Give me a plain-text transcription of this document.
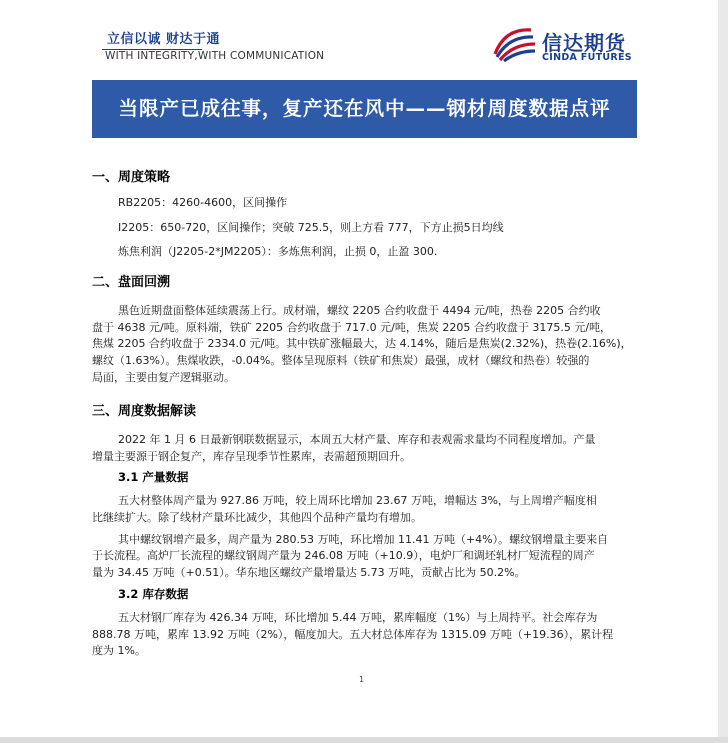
立信以诚 财达于通
WITH INTEGRITY,WITH COMMUNICATION
信达期货
CINDA FUTURES
当限产已成往事，复产还在风中——钢材周度数据点评
一、周度策略
RB2205：4260-4600，区间操作
I2205：650-720，区间操作；突破 725.5，则上方看 777，下方止损5日均线
炼焦利润（J2205-2*JM2205）：多炼焦利润，止损 0，止盈 300.
二、盘面回溯
黑色近期盘面整体延续震荡上行。成材端，螺纹 2205 合约收盘于 4494 元/吨，热卷 2205 合约收
盘于 4638 元/吨。原料端，铁矿 2205 合约收盘于 717.0 元/吨，焦炭 2205 合约收盘于 3175.5 元/吨，
焦煤 2205 合约收盘于 2334.0 元/吨。其中铁矿涨幅最大，达 4.14%，随后是焦炭(2.32%)，热卷(2.16%)，
螺纹（1.63%）。焦煤收跌，-0.04%。整体呈现原料（铁矿和焦炭）最强，成材（螺纹和热卷）较强的
局面，主要由复产逻辑驱动。
三、周度数据解读
2022 年 1 月 6 日最新钢联数据显示，本周五大材产量、库存和表观需求量均不同程度增加。产量
增量主要源于钢企复产，库存呈现季节性累库，表需超预期回升。
3.1 产量数据
五大材整体周产量为 927.86 万吨，较上周环比增加 23.67 万吨，增幅达 3%，与上周增产幅度相
比继续扩大。除了线材产量环比减少，其他四个品种产量均有增加。
其中螺纹钢增产最多，周产量为 280.53 万吨，环比增加 11.41 万吨（+4%）。螺纹钢增量主要来自
于长流程。高炉厂长流程的螺纹钢周产量为 246.08 万吨（+10.9），电炉厂和调坯轧材厂短流程的周产
量为 34.45 万吨（+0.51）。华东地区螺纹产量增量达 5.73 万吨，贡献占比为 50.2%。
3.2 库存数据
五大材钢厂库存为 426.34 万吨，环比增加 5.44 万吨，累库幅度（1%）与上周持平。社会库存为
888.78 万吨，累库 13.92 万吨（2%），幅度加大。五大材总体库存为 1315.09 万吨（+19.36），累计程
度为 1%。
1
